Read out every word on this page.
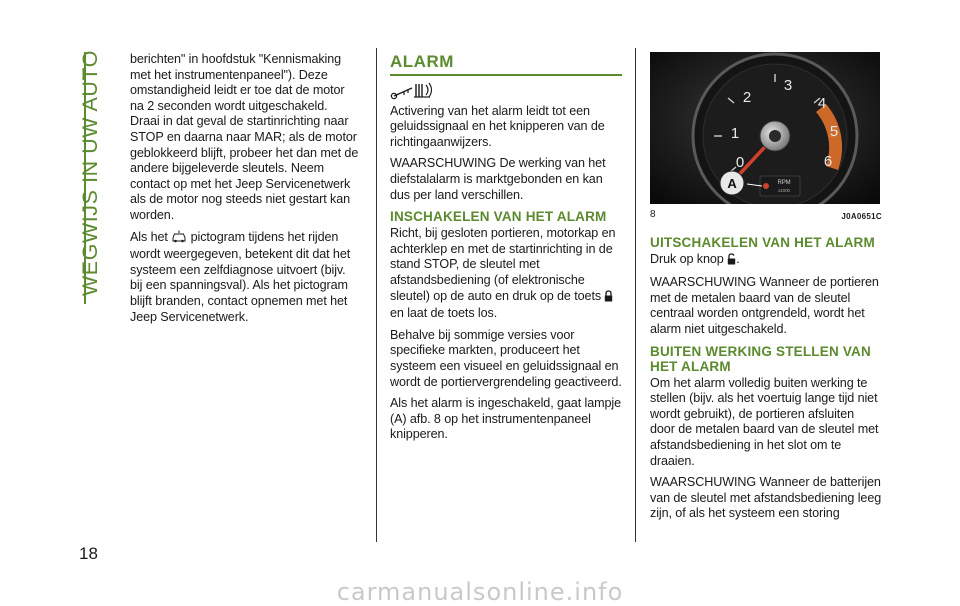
WEGWIJS IN UW AUTO
18

berichten" in hoofdstuk "Kennismaking met het instrumentenpaneel"). Deze omstandigheid leidt er toe dat de motor na 2 seconden wordt uitgeschakeld. Draai in dat geval de startinrichting naar STOP en daarna naar MAR; als de motor geblokkeerd blijft, probeer het dan met de andere bijgeleverde sleutels. Neem contact op met het Jeep Servicenetwerk als de motor nog steeds niet gestart kan worden.

Als het  pictogram tijdens het rijden wordt weergegeven, betekent dit dat het systeem een zelfdiagnose uitvoert (bijv. bij een spanningsval). Als het pictogram blijft branden, contact opnemen met het Jeep Servicenetwerk.

ALARM

Activering van het alarm leidt tot een geluidssignaal en het knipperen van de richtingaanwijzers.

WAARSCHUWING De werking van het diefstalalarm is marktgebonden en kan dus per land verschillen.

INSCHAKELEN VAN HET ALARM

Richt, bij gesloten portieren, motorkap en achterklep en met de startinrichting in de stand STOP, de sleutel met afstandsbediening (of elektronische sleutel) op de auto en druk op de toets  en laat de toets los.

Behalve bij sommige versies voor specifieke markten, produceert het systeem een visueel en geluidssignaal en wordt de portiervergrendeling geactiveerd.

Als het alarm is ingeschakeld, gaat lampje (A) afb. 8 op het instrumentenpaneel knipperen.

1
2
3
4
5
6
0
RPM
x1000
A
8	J0A0651C
UITSCHAKELEN VAN HET ALARM

Druk op knop .

WAARSCHUWING Wanneer de portieren met de metalen baard van de sleutel centraal worden ontgrendeld, wordt het alarm niet uitgeschakeld.

BUITEN WERKING STELLEN VAN HET ALARM

Om het alarm volledig buiten werking te stellen (bijv. als het voertuig lange tijd niet wordt gebruikt), de portieren afsluiten door de metalen baard van de sleutel met afstandsbediening in het slot om te draaien.

WAARSCHUWING Wanneer de batterijen van de sleutel met afstandsbediening leeg zijn, of als het systeem een storing

carmanualsonline.info
